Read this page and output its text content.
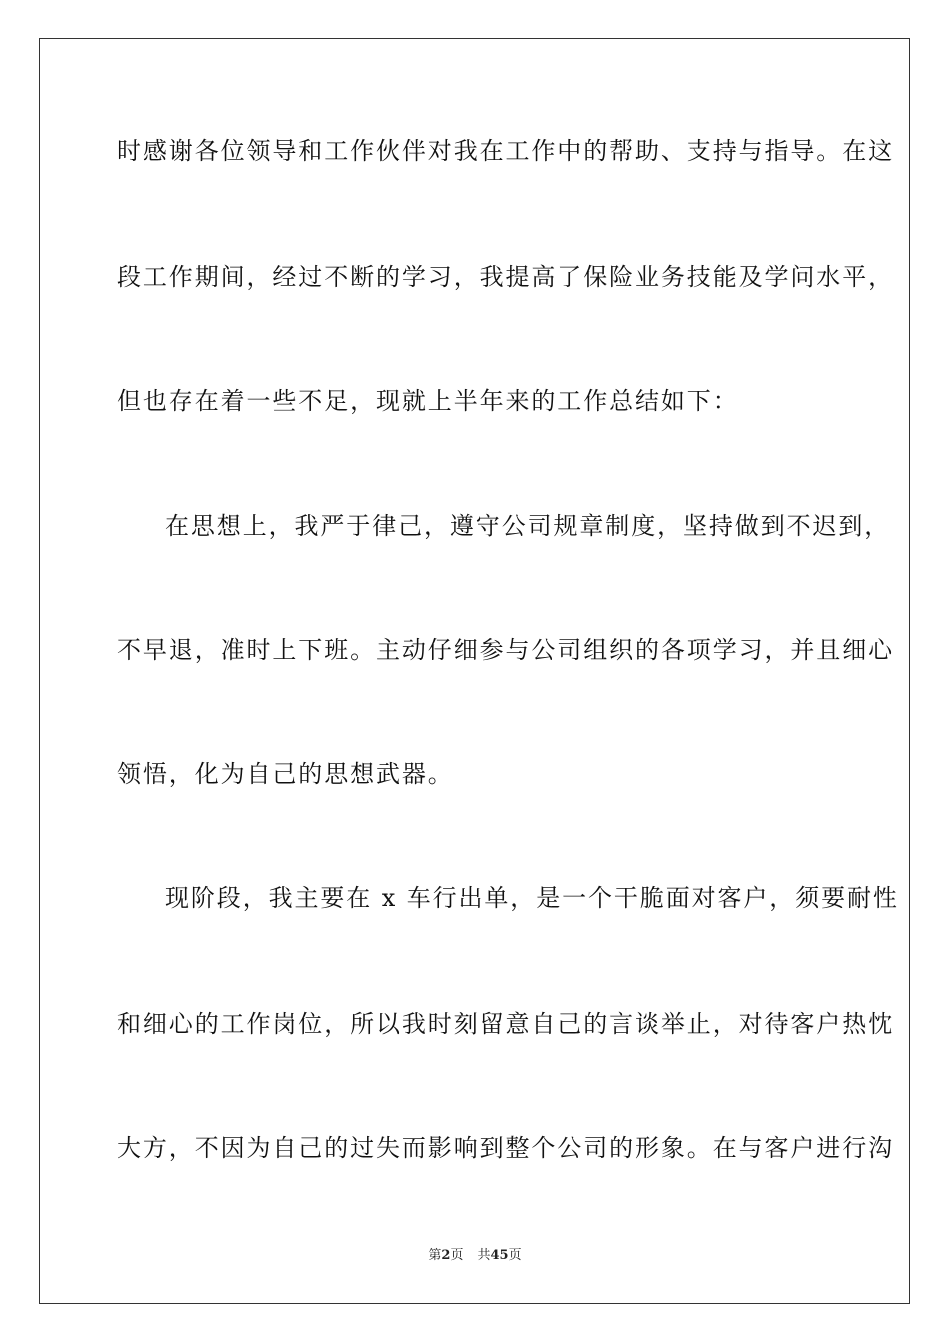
时感谢各位领导和工作伙伴对我在工作中的帮助、支持与指导。在这
段工作期间，经过不断的学习，我提高了保险业务技能及学问水平，
但也存在着一些不足，现就上半年来的工作总结如下：
在思想上，我严于律己，遵守公司规章制度，坚持做到不迟到，
不早退，准时上下班。主动仔细参与公司组织的各项学习，并且细心
领悟，化为自己的思想武器。
现阶段，我主要在 x 车行出单，是一个干脆面对客户，须要耐性
和细心的工作岗位，所以我时刻留意自己的言谈举止，对待客户热忱
大方，不因为自己的过失而影响到整个公司的形象。在与客户进行沟
第2页 共45页
